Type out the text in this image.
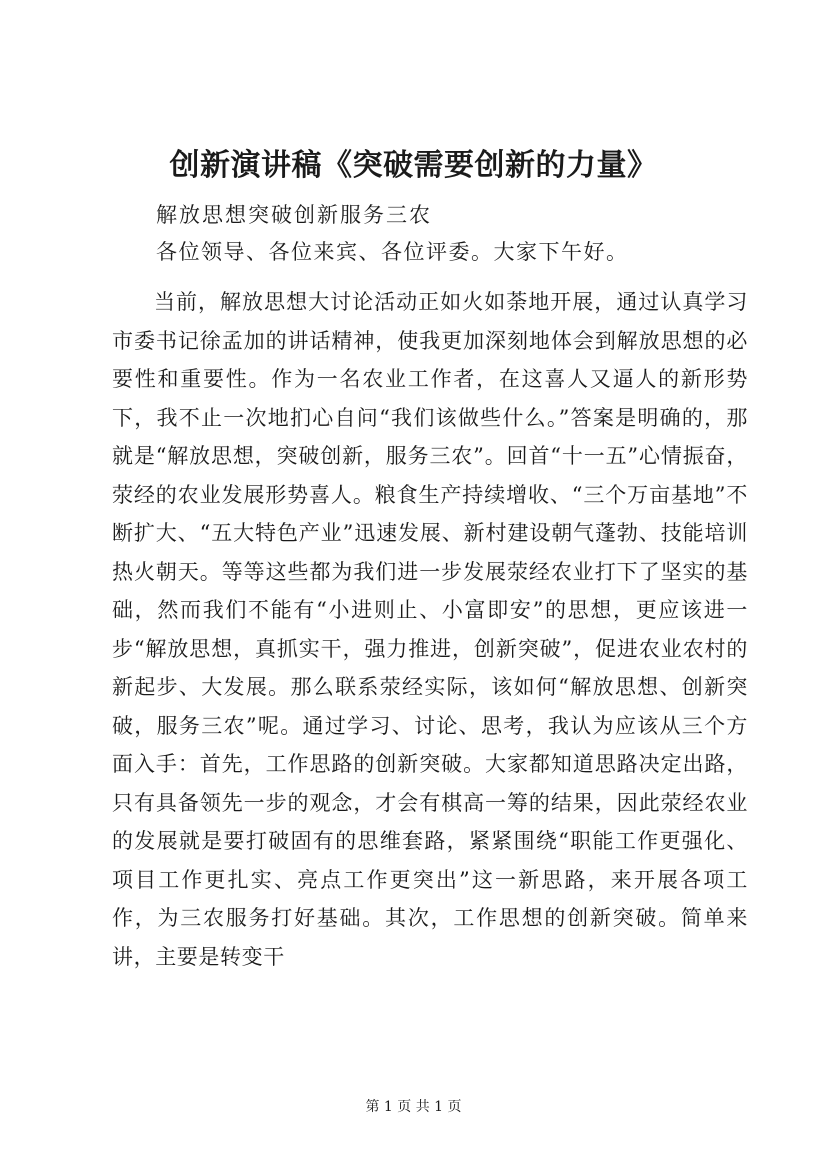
创新演讲稿《突破需要创新的力量》
解放思想突破创新服务三农
各位领导、各位来宾、各位评委。大家下午好。

当前，解放思想大讨论活动正如火如荼地开展，通过认真学习市委书记徐孟加的讲话精神，使我更加深刻地体会到解放思想的必要性和重要性。作为一名农业工作者，在这喜人又逼人的新形势下，我不止一次地扪心自问“我们该做些什么。”答案是明确的，那就是“解放思想，突破创新，服务三农”。回首“十一五”心情振奋，荥经的农业发展形势喜人。粮食生产持续增收、“三个万亩基地”不断扩大、“五大特色产业”迅速发展、新村建设朝气蓬勃、技能培训热火朝天。等等这些都为我们进一步发展荥经农业打下了坚实的基础，然而我们不能有“小进则止、小富即安”的思想，更应该进一步“解放思想，真抓实干，强力推进，创新突破”，促进农业农村的新起步、大发展。那么联系荥经实际，该如何“解放思想、创新突破，服务三农”呢。通过学习、讨论、思考，我认为应该从三个方面入手：首先，工作思路的创新突破。大家都知道思路决定出路，只有具备领先一步的观念，才会有棋高一筹的结果，因此荥经农业的发展就是要打破固有的思维套路，紧紧围绕“职能工作更强化、项目工作更扎实、亮点工作更突出”这一新思路，来开展各项工作，为三农服务打好基础。其次，工作思想的创新突破。简单来讲，主要是转变干

第 1 页 共 1 页
